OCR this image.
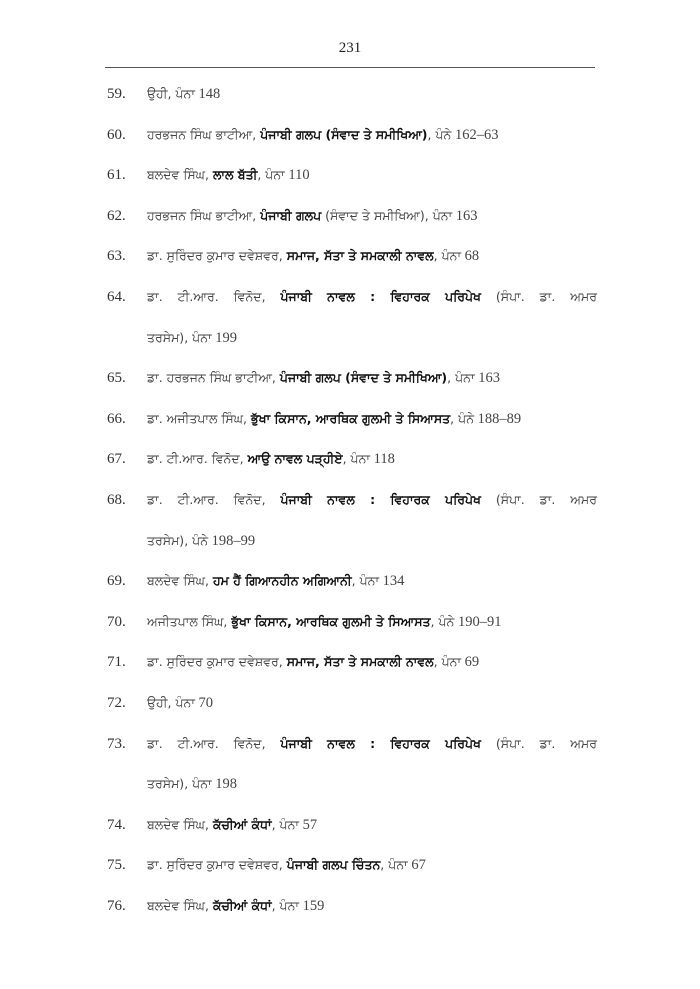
231
59.	ਉਹੀ, ਪੰਨਾ 148
60.	ਹਰਭਜਨ ਸਿੰਘ ਭਾਟੀਆ, ਪੰਜਾਬੀ ਗਲਪ (ਸੰਵਾਦ ਤੇ ਸਮੀਖਿਆ), ਪੰਨੇ 162–63
61.	ਬਲਦੇਵ ਸਿੰਘ, ਲਾਲ ਬੱਤੀ, ਪੰਨਾ 110
62.	ਹਰਭਜਨ ਸਿੰਘ ਭਾਟੀਆ, ਪੰਜਾਬੀ ਗਲਪ (ਸੰਵਾਦ ਤੇ ਸਮੀਖਿਆ), ਪੰਨਾ 163
63.	ਡਾ. ਸੁਰਿੰਦਰ ਕੁਮਾਰ ਦਵੇਸ਼ਵਰ, ਸਮਾਜ, ਸੱਤਾ ਤੇ ਸਮਕਾਲੀ ਨਾਵਲ, ਪੰਨਾ 68
64.	ਡਾ. ਟੀ.ਆਰ. ਵਿਨੋਦ, ਪੰਜਾਬੀ ਨਾਵਲ : ਵਿਹਾਰਕ ਪਰਿਪੇਖ (ਸੰਪਾ. ਡਾ. ਅਮਰ
ਤਰਸੇਮ), ਪੰਨਾ 199
65.	ਡਾ. ਹਰਭਜਨ ਸਿੰਘ ਭਾਟੀਆ, ਪੰਜਾਬੀ ਗਲਪ (ਸੰਵਾਦ ਤੇ ਸਮੀਖਿਆ), ਪੰਨਾ 163
66.	ਡਾ. ਅਜੀਤਪਾਲ ਸਿੰਘ, ਭੁੱਖਾ ਕਿਸਾਨ, ਆਰਥਿਕ ਗੁਲਮੀ ਤੇ ਸਿਆਸਤ, ਪੰਨੇ 188–89
67.	ਡਾ. ਟੀ.ਆਰ. ਵਿਨੋਦ, ਆਉ ਨਾਵਲ ਪੜ੍ਹੀਏ, ਪੰਨਾ 118
68.	ਡਾ. ਟੀ.ਆਰ. ਵਿਨੋਦ, ਪੰਜਾਬੀ ਨਾਵਲ : ਵਿਹਾਰਕ ਪਰਿਪੇਖ (ਸੰਪਾ. ਡਾ. ਅਮਰ
ਤਰਸੇਮ), ਪੰਨੇ 198–99
69.	ਬਲਦੇਵ ਸਿੰਘ, ਹਮ ਹੈਂ ਗਿਆਨਹੀਨ ਅਗਿਆਨੀ, ਪੰਨਾ 134
70.	ਅਜੀਤਪਾਲ ਸਿੰਘ, ਭੁੱਖਾ ਕਿਸਾਨ, ਆਰਥਿਕ ਗੁਲਮੀ ਤੇ ਸਿਆਸਤ, ਪੰਨੇ 190–91
71.	ਡਾ. ਸੁਰਿੰਦਰ ਕੁਮਾਰ ਦਵੇਸ਼ਵਰ, ਸਮਾਜ, ਸੱਤਾ ਤੇ ਸਮਕਾਲੀ ਨਾਵਲ, ਪੰਨਾ 69
72.	ਉਹੀ, ਪੰਨਾ 70
73.	ਡਾ. ਟੀ.ਆਰ. ਵਿਨੋਦ, ਪੰਜਾਬੀ ਨਾਵਲ : ਵਿਹਾਰਕ ਪਰਿਪੇਖ (ਸੰਪਾ. ਡਾ. ਅਮਰ
ਤਰਸੇਮ), ਪੰਨਾ 198
74.	ਬਲਦੇਵ ਸਿੰਘ, ਕੱਚੀਆਂ ਕੰਧਾਂ, ਪੰਨਾ 57
75.	ਡਾ. ਸੁਰਿੰਦਰ ਕੁਮਾਰ ਦਵੇਸ਼ਵਰ, ਪੰਜਾਬੀ ਗਲਪ ਚਿੰਤਨ, ਪੰਨਾ 67
76.	ਬਲਦੇਵ ਸਿੰਘ, ਕੱਚੀਆਂ ਕੰਧਾਂ, ਪੰਨਾ 159
